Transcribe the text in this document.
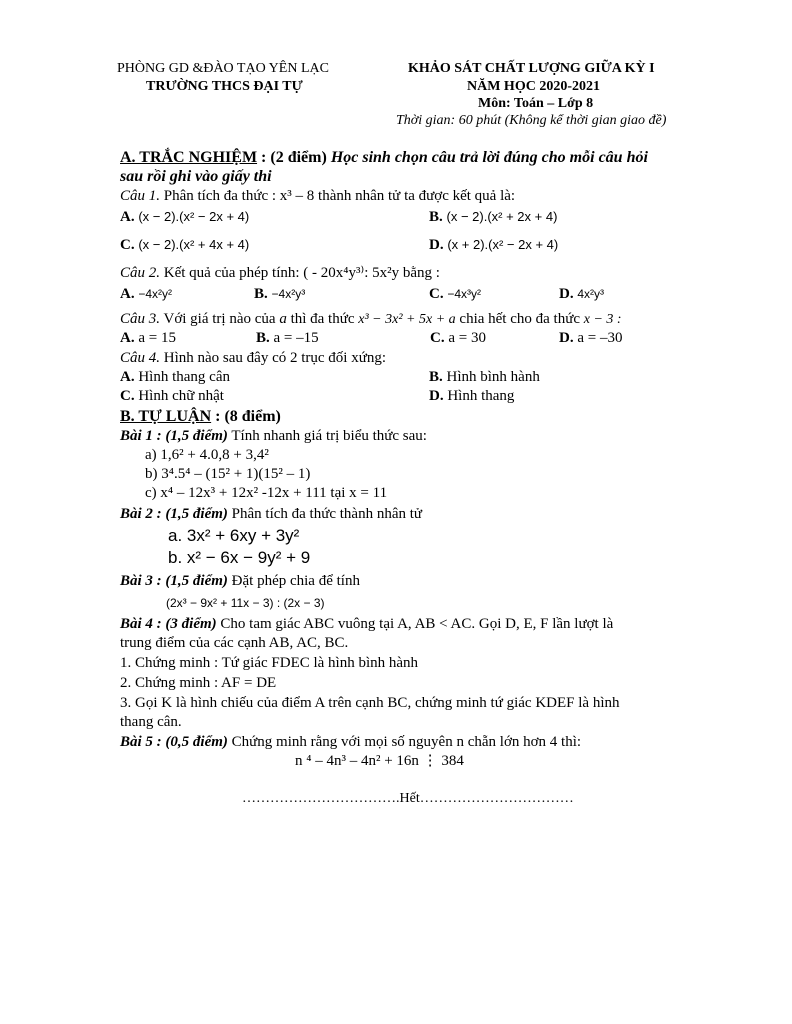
PHÒNG GD &ĐÀO TẠO YÊN LẠC
TRƯỜNG THCS ĐẠI TỰ
KHẢO SÁT CHẤT LƯỢNG GIỮA KỲ I
NĂM HỌC 2020-2021
Môn: Toán – Lớp 8
Thời gian: 60 phút (Không kể thời gian giao đề)
A. TRẮC NGHIỆM : (2 điểm) Học sinh chọn câu trả lời đúng cho mỗi câu hỏi
sau rồi ghi vào giấy thi
Câu 1. Phân tích đa thức : x³ – 8 thành nhân tử ta được kết quả là:
A. (x − 2).(x² − 2x + 4)	B. (x − 2).(x² + 2x + 4)
C. (x − 2).(x² + 4x + 4)	D. (x + 2).(x² − 2x + 4)
Câu 2. Kết quả của phép tính: ( - 20x⁴y³⁾: 5x²y bằng :
A. −4x²y²	B. −4x²y³	C. −4x³y²	D. 4x²y³
Câu 3. Với giá trị nào của a thì đa thức x³ − 3x² + 5x + a chia hết cho đa thức x − 3 :
A. a = 15	B. a = –15	C. a = 30	D. a = –30
Câu 4. Hình nào sau đây có 2 trục đối xứng:
A. Hình thang cân	B. Hình bình hành
C. Hình chữ nhật	D. Hình thang
B. TỰ LUẬN : (8 điểm)
Bài 1 : (1,5 điểm) Tính nhanh giá trị biểu thức sau:
a) 1,6² + 4.0,8 + 3,4²
b) 3⁴.5⁴ – (15² + 1)(15² – 1)
c) x⁴ – 12x³ + 12x² -12x + 111 tại x = 11
Bài 2 : (1,5 điểm) Phân tích đa thức thành nhân tử
a. 3x² + 6xy + 3y²
b. x² − 6x − 9y² + 9
Bài 3 : (1,5 điểm) Đặt phép chia để tính
(2x³ − 9x² + 11x − 3) : (2x − 3)
Bài 4 : (3 điểm) Cho tam giác ABC vuông tại A, AB < AC. Gọi D, E, F lần lượt là
trung điểm của các cạnh AB, AC, BC.
1. Chứng minh : Tứ giác FDEC là hình bình hành
2. Chứng minh : AF = DE
3. Gọi K là hình chiếu của điểm A trên cạnh BC, chứng minh tứ giác KDEF là hình
thang cân.
Bài 5 : (0,5 điểm) Chứng minh rằng với mọi số nguyên n chẵn lớn hơn 4 thì:
n ⁴ – 4n³ – 4n² + 16n ⋮ 384
…………………………….Hết……………………………
